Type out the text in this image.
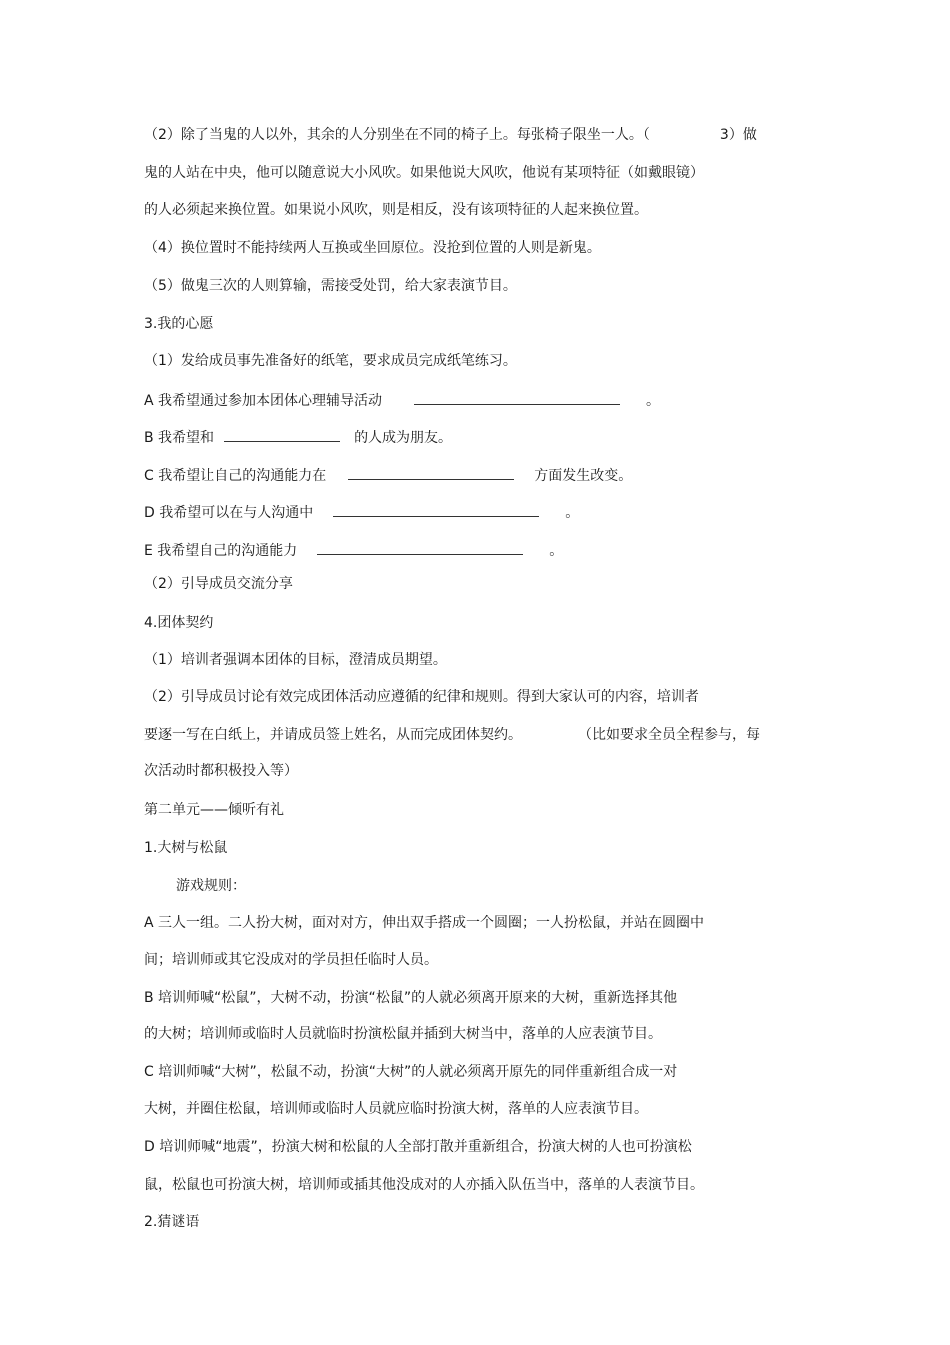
（2）除了当鬼的人以外，其余的人分别坐在不同的椅子上。每张椅子限坐一人。（	3）做
鬼的人站在中央，他可以随意说大小风吹。如果他说大风吹，他说有某项特征（如戴眼镜）
的人必须起来换位置。如果说小风吹，则是相反，没有该项特征的人起来换位置。
（4）换位置时不能持续两人互换或坐回原位。没抢到位置的人则是新鬼。
（5）做鬼三次的人则算输，需接受处罚，给大家表演节目。
3.我的心愿
（1）发给成员事先准备好的纸笔，要求成员完成纸笔练习。
A 我希望通过参加本团体心理辅导活动	。
B 我希望和	的人成为朋友。
C 我希望让自己的沟通能力在	方面发生改变。
D 我希望可以在与人沟通中	。
E 我希望自己的沟通能力	。
（2）引导成员交流分享
4.团体契约
（1）培训者强调本团体的目标，澄清成员期望。
（2）引导成员讨论有效完成团体活动应遵循的纪律和规则。得到大家认可的内容，培训者
要逐一写在白纸上，并请成员签上姓名，从而完成团体契约。	（比如要求全员全程参与，每
次活动时都积极投入等）
第二单元——倾听有礼
1.大树与松鼠
游戏规则：
A 三人一组。二人扮大树，面对对方，伸出双手搭成一个圆圈；一人扮松鼠，并站在圆圈中
间；培训师或其它没成对的学员担任临时人员。
B 培训师喊“松鼠”，大树不动，扮演“松鼠”的人就必须离开原来的大树，重新选择其他
的大树；培训师或临时人员就临时扮演松鼠并插到大树当中，落单的人应表演节目。
C 培训师喊“大树”，松鼠不动，扮演“大树”的人就必须离开原先的同伴重新组合成一对
大树，并圈住松鼠，培训师或临时人员就应临时扮演大树，落单的人应表演节目。
D 培训师喊“地震”，扮演大树和松鼠的人全部打散并重新组合，扮演大树的人也可扮演松
鼠，松鼠也可扮演大树，培训师或插其他没成对的人亦插入队伍当中，落单的人表演节目。
2.猜谜语
